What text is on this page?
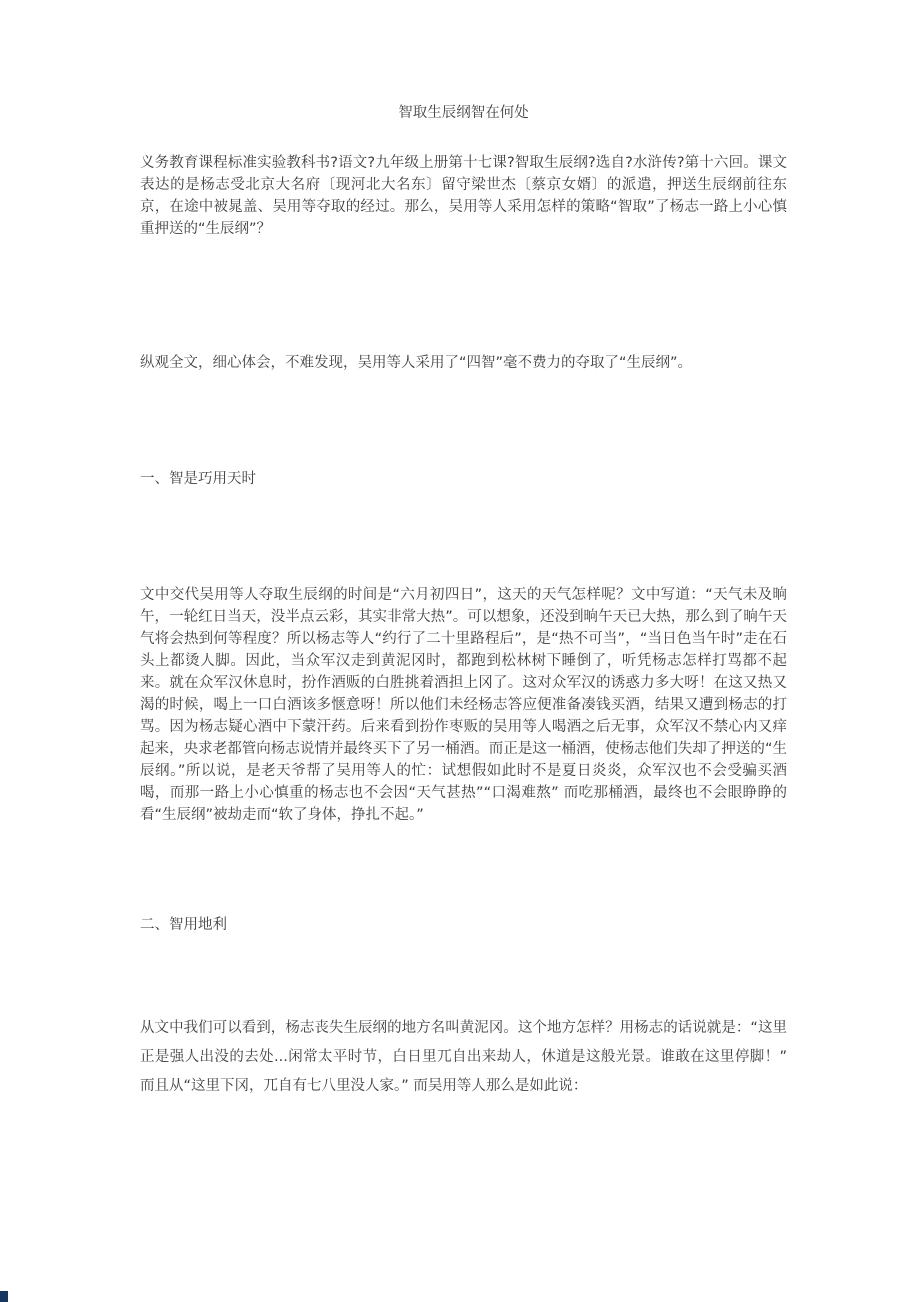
智取生辰纲智在何处

义务教育课程标准实验教科书?语文?九年级上册第十七课?智取生辰纲?选自?水浒传?第十六回。课文表达的是杨志受北京大名府〔现河北大名东〕留守梁世杰〔蔡京女婿〕的派遣，押送生辰纲前往东京，在途中被晁盖、吴用等夺取的经过。那么，吴用等人采用怎样的策略“智取”了杨志一路上小心慎重押送的“生辰纲”？

纵观全文，细心体会，不难发现，吴用等人采用了“四智”毫不费力的夺取了“生辰纲”。

一、智是巧用天时

文中交代吴用等人夺取生辰纲的时间是“六月初四日”，这天的天气怎样呢？文中写道：“天气未及晌午，一轮红日当天，没半点云彩，其实非常大热”。可以想象，还没到晌午天已大热，那么到了晌午天气将会热到何等程度？所以杨志等人“约行了二十里路程后”，是“热不可当”，“当日色当午时”走在石头上都烫人脚。因此，当众军汉走到黄泥冈时，都跑到松林树下睡倒了，听凭杨志怎样打骂都不起来。就在众军汉休息时，扮作酒贩的白胜挑着酒担上冈了。这对众军汉的诱惑力多大呀！在这又热又渴的时候，喝上一口白酒该多惬意呀！所以他们未经杨志答应便准备凑钱买酒，结果又遭到杨志的打骂。因为杨志疑心酒中下蒙汗药。后来看到扮作枣贩的吴用等人喝酒之后无事，众军汉不禁心内又痒起来，央求老都管向杨志说情并最终买下了另一桶酒。而正是这一桶酒，使杨志他们失却了押送的“生辰纲。”所以说，是老天爷帮了吴用等人的忙：试想假如此时不是夏日炎炎，众军汉也不会受骗买酒喝，而那一路上小心慎重的杨志也不会因“天气甚热”“口渴难熬” 而吃那桶酒，最终也不会眼睁睁的看“生辰纲”被劫走而“软了身体，挣扎不起。”

二、智用地利

从文中我们可以看到，杨志丧失生辰纲的地方名叫黄泥冈。这个地方怎样？用杨志的话说就是：“这里正是强人出没的去处...闲常太平时节，白日里兀自出来劫人，休道是这般光景。谁敢在这里停脚！” 而且从“这里下冈，兀自有七八里没人家。” 而吴用等人那么是如此说：
